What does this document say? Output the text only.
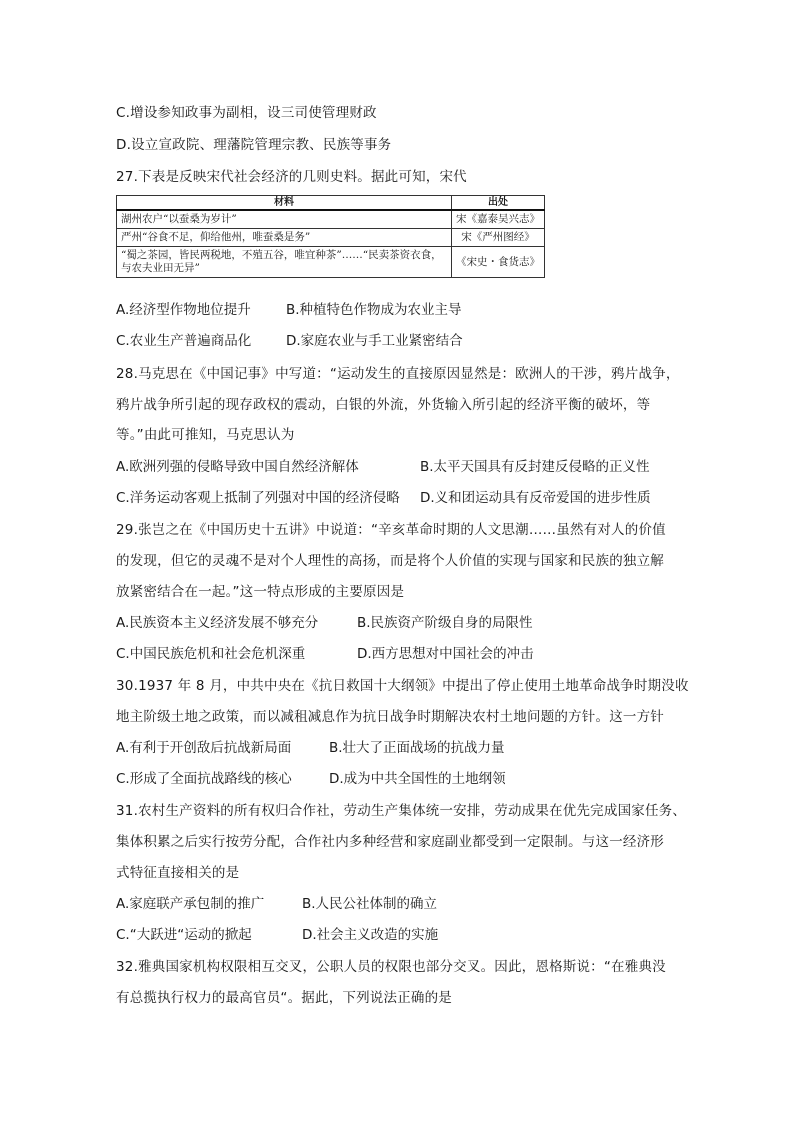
C.增设参知政事为副相，设三司使管理财政
D.设立宣政院、理藩院管理宗教、民族等事务
27.下表是反映宋代社会经济的几则史料。据此可知，宋代
材料	出处
湖州农户“以蚕桑为岁计”	宋《嘉泰吴兴志》
严州“谷食不足，仰给他州，唯蚕桑是务”	宋《严州图经》
“蜀之茶园，皆民两税地，不殖五谷，唯宜种茶”……“民卖茶资衣食，与农夫业田无异”	《宋史・食货志》
A.经济型作物地位提升	B.种植特色作物成为农业主导
C.农业生产普遍商品化	D.家庭农业与手工业紧密结合
28.马克思在《中国记事》中写道：“运动发生的直接原因显然是：欧洲人的干涉，鸦片战争，
鸦片战争所引起的现存政权的震动，白银的外流，外货输入所引起的经济平衡的破坏，等
等。”由此可推知，马克思认为
A.欧洲列强的侵略导致中国自然经济解体	B.太平天国具有反封建反侵略的正义性
C.洋务运动客观上抵制了列强对中国的经济侵略 D.义和团运动具有反帝爱国的进步性质
29.张岂之在《中国历史十五讲》中说道：“辛亥革命时期的人文思潮……虽然有对人的价值
的发现，但它的灵魂不是对个人理性的高扬，而是将个人价值的实现与国家和民族的独立解
放紧密结合在一起。”这一特点形成的主要原因是
A.民族资本主义经济发展不够充分	B.民族资产阶级自身的局限性
C.中国民族危机和社会危机深重	D.西方思想对中国社会的冲击
30.1937 年 8 月，中共中央在《抗日救国十大纲领》中提出了停止使用土地革命战争时期没收
地主阶级土地之政策，而以减租减息作为抗日战争时期解决农村土地问题的方针。这一方针
A.有利于开创敌后抗战新局面	B.壮大了正面战场的抗战力量
C.形成了全面抗战路线的核心	D.成为中共全国性的土地纲领
31.农村生产资料的所有权归合作社，劳动生产集体统一安排，劳动成果在优先完成国家任务、
集体积累之后实行按劳分配，合作社内多种经营和家庭副业都受到一定限制。与这一经济形
式特征直接相关的是
A.家庭联产承包制的推广	B.人民公社体制的确立
C.“大跃进“运动的掀起	D.社会主义改造的实施
32.雅典国家机构权限相互交叉，公职人员的权限也部分交叉。因此，恩格斯说：“在雅典没
有总揽执行权力的最高官员“。据此，下列说法正确的是
